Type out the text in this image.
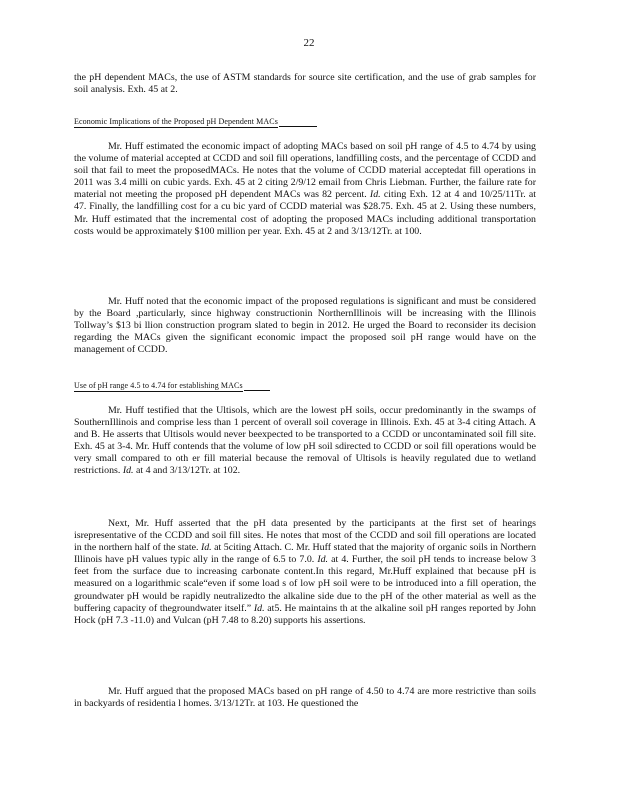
22

the pH dependent MACs, the use of ASTM standards for source site certification, and the use of grab samples for soil analysis. Exh. 45 at 2.

Economic Implications of the Proposed pH Dependent MACs

Mr. Huff estimated the economic impact of adopting MACs based on soil pH range of 4.5 to 4.74 by using the volume of material accepted at CCDD and soil fill operations, landfilling costs, and the percentage of CCDD and soil that fail to meet the proposedMACs. He notes that the volume of CCDD material acceptedat fill operations in 2011 was 3.4 milli on cubic yards. Exh. 45 at 2 citing 2/9/12 email from Chris Liebman. Further, the failure rate for material not meeting the proposed pH dependent MACs was 82 percent. Id. citing Exh. 12 at 4 and 10/25/11Tr. at 47. Finally, the landfilling cost for a cu bic yard of CCDD material was $28.75. Exh. 45 at 2. Using these numbers, Mr. Huff estimated that the incremental cost of adopting the proposed MACs including additional transportation costs would be approximately $100 million per year. Exh. 45 at 2 and 3/13/12Tr. at 100.

Mr. Huff noted that the economic impact of the proposed regulations is significant and must be considered by the Board ,particularly, since highway constructionin NorthernIllinois will be increasing with the Illinois Tollway’s $13 bi llion construction program slated to begin in 2012. He urged the Board to reconsider its decision regarding the MACs given the significant economic impact the proposed soil pH range would have on the management of CCDD.

Use of pH range 4.5 to 4.74 for establishing MACs

Mr. Huff testified that the Ultisols, which are the lowest pH soils, occur predominantly in the swamps of SouthernIllinois and comprise less than 1 percent of overall soil coverage in Illinois. Exh. 45 at 3-4 citing Attach. A and B. He asserts that Ultisols would never beexpected to be transported to a CCDD or uncontaminated soil fill site. Exh. 45 at 3-4. Mr. Huff contends that the volume of low pH soil sdirected to CCDD or soil fill operations would be very small compared to oth er fill material because the removal of Ultisols is heavily regulated due to wetland restrictions. Id. at 4 and 3/13/12Tr. at 102.

Next, Mr. Huff asserted that the pH data presented by the participants at the first set of hearings isrepresentative of the CCDD and soil fill sites. He notes that most of the CCDD and soil fill operations are located in the northern half of the state. Id. at 5citing Attach. C. Mr. Huff stated that the majority of organic soils in Northern Illinois have pH values typic ally in the range of 6.5 to 7.0. Id. at 4. Further, the soil pH tends to increase below 3 feet from the surface due to increasing carbonate content.In this regard, Mr.Huff explained that because pH is measured on a logarithmic scale“even if some load s of low pH soil were to be introduced into a fill operation, the groundwater pH would be rapidly neutralizedto the alkaline side due to the pH of the other material as well as the buffering capacity of thegroundwater itself.” Id. at5. He maintains th at the alkaline soil pH ranges reported by John Hock (pH 7.3 -11.0) and Vulcan (pH 7.48 to 8.20) supports his assertions.

Mr. Huff argued that the proposed MACs based on pH range of 4.50 to 4.74 are more restrictive than soils in backyards of residentia l homes. 3/13/12Tr. at 103. He questioned the
